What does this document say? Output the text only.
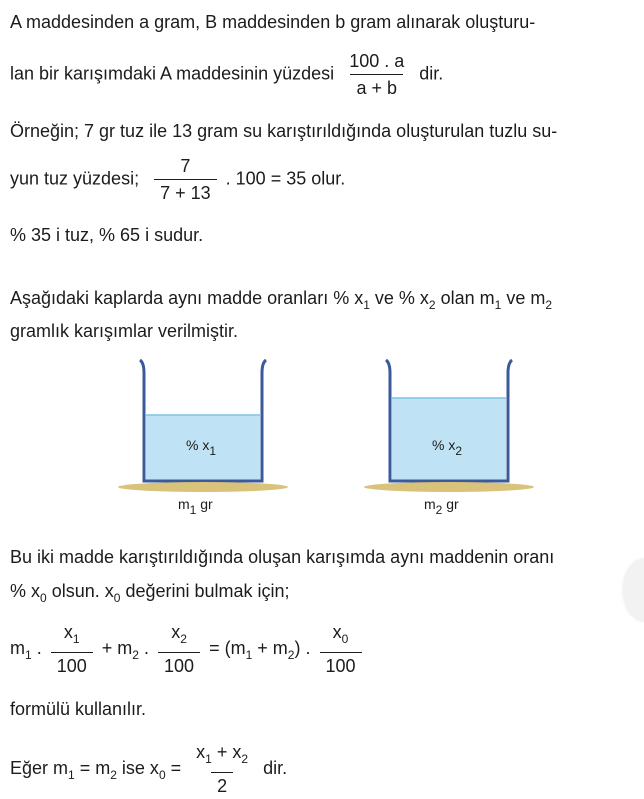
A maddesinden a gram, B maddesinden b gram alınarak oluşturu-
lan bir karışımdaki A maddesinin yüzdesi $\frac{100 . a}{a + b}$ dir.
Örneğin; 7 gr tuz ile 13 gram su karıştırıldığında oluşturulan tuzlu su-
yun tuz yüzdesi; $\frac{7}{7 + 13}$ . 100 = 35 olur.
% 35 i tuz, % 65 i sudur.
Aşağıdaki kaplarda aynı madde oranları % $x_1$ ve % $x_2$ olan $m_1$ ve $m_2$
gramlık karışımlar verilmiştir.
% $x_1$	% $x_2$
$m_1$ gr	$m_2$ gr
Bu iki madde karıştırıldığında oluşan karışımda aynı maddenin oranı
% $x_0$ olsun. $x_0$ değerini bulmak için;
$m_1$ . $\frac{x_1}{100} + m_2$ . $\frac{x_2}{100} = (m_1 + m_2)$ . $\frac{x_0}{100}$
formülü kullanılır.
Eğer $m_1 = m_2$ ise $x_0 = \frac{x_1 + x_2}{2}$ dir.
